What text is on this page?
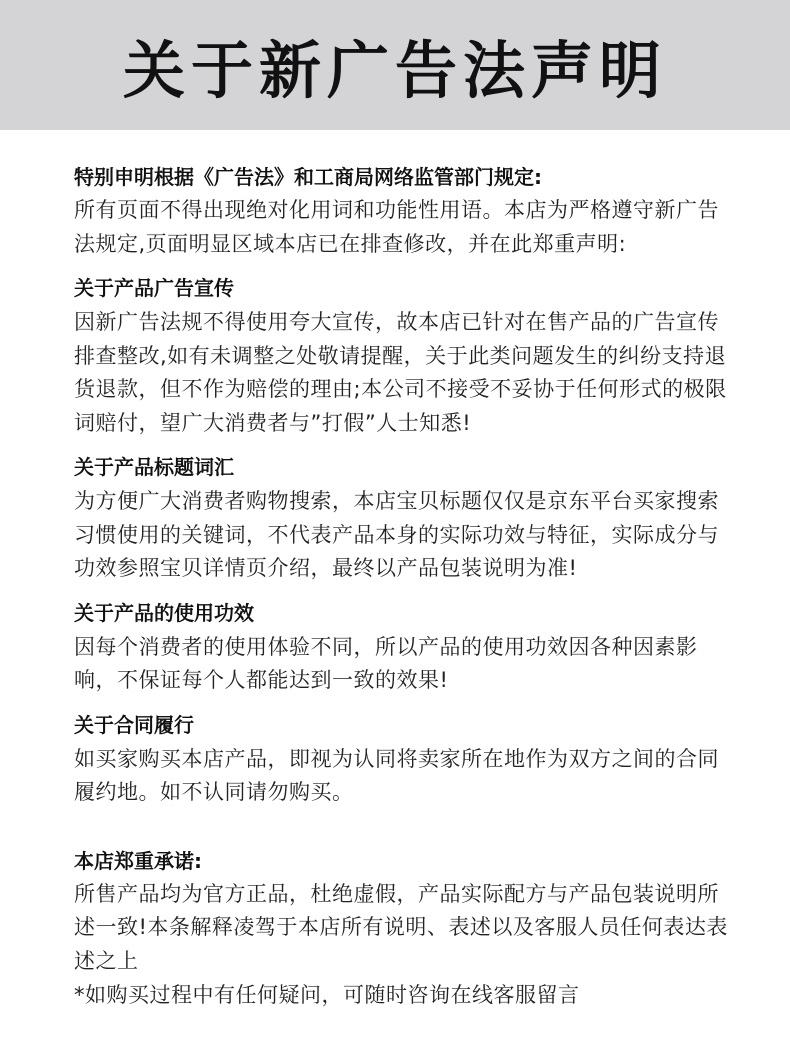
关于新广告法声明

特别申明根据《广告法》和工商局网络监管部门规定:

所有页面不得出现绝对化用词和功能性用语。本店为严格遵守新广告法规定,页面明显区域本店已在排查修改，并在此郑重声明:

关于产品广告宣传

因新广告法规不得使用夸大宣传，故本店已针对在售产品的广告宣传排查整改,如有未调整之处敬请提醒，关于此类问题发生的纠纷支持退货退款，但不作为赔偿的理由;本公司不接受不妥协于任何形式的极限词赔付，望广大消费者与”打假”人士知悉!

关于产品标题词汇

为方便广大消费者购物搜索，本店宝贝标题仅仅是京东平台买家搜索习惯使用的关键词，不代表产品本身的实际功效与特征，实际成分与功效参照宝贝详情页介绍，最终以产品包装说明为准!

关于产品的使用功效

因每个消费者的使用体验不同，所以产品的使用功效因各种因素影响，不保证每个人都能达到一致的效果!

关于合同履行

如买家购买本店产品，即视为认同将卖家所在地作为双方之间的合同履约地。如不认同请勿购买。

本店郑重承诺:

所售产品均为官方正品，杜绝虚假，产品实际配方与产品包装说明所述一致!本条解释凌驾于本店所有说明、表述以及客服人员任何表达表述之上

*如购买过程中有任何疑问，可随时咨询在线客服留言
